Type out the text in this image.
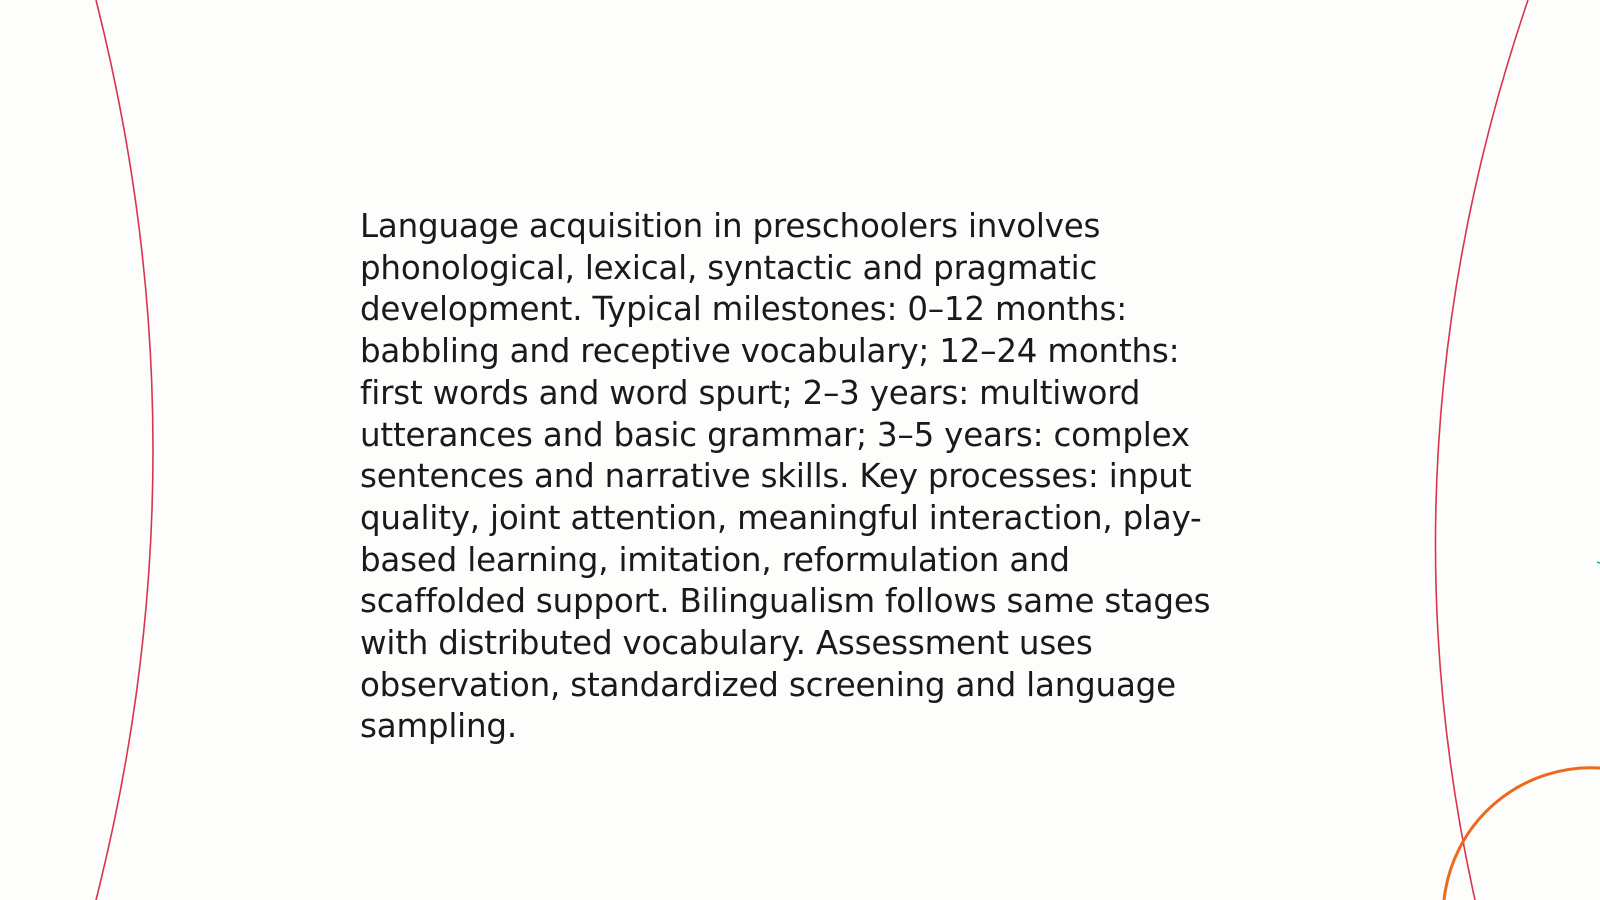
Language acquisition in preschoolers involves phonological, lexical, syntactic and pragmatic development. Typical milestones: 0–12 months: babbling and receptive vocabulary; 12–24 months: first words and word spurt; 2–3 years: multiword utterances and basic grammar; 3–5 years: complex sentences and narrative skills. Key processes: input quality, joint attention, meaningful interaction, play-based learning, imitation, reformulation and scaffolded support. Bilingualism follows same stages with distributed vocabulary. Assessment uses observation, standardized screening and language sampling.
